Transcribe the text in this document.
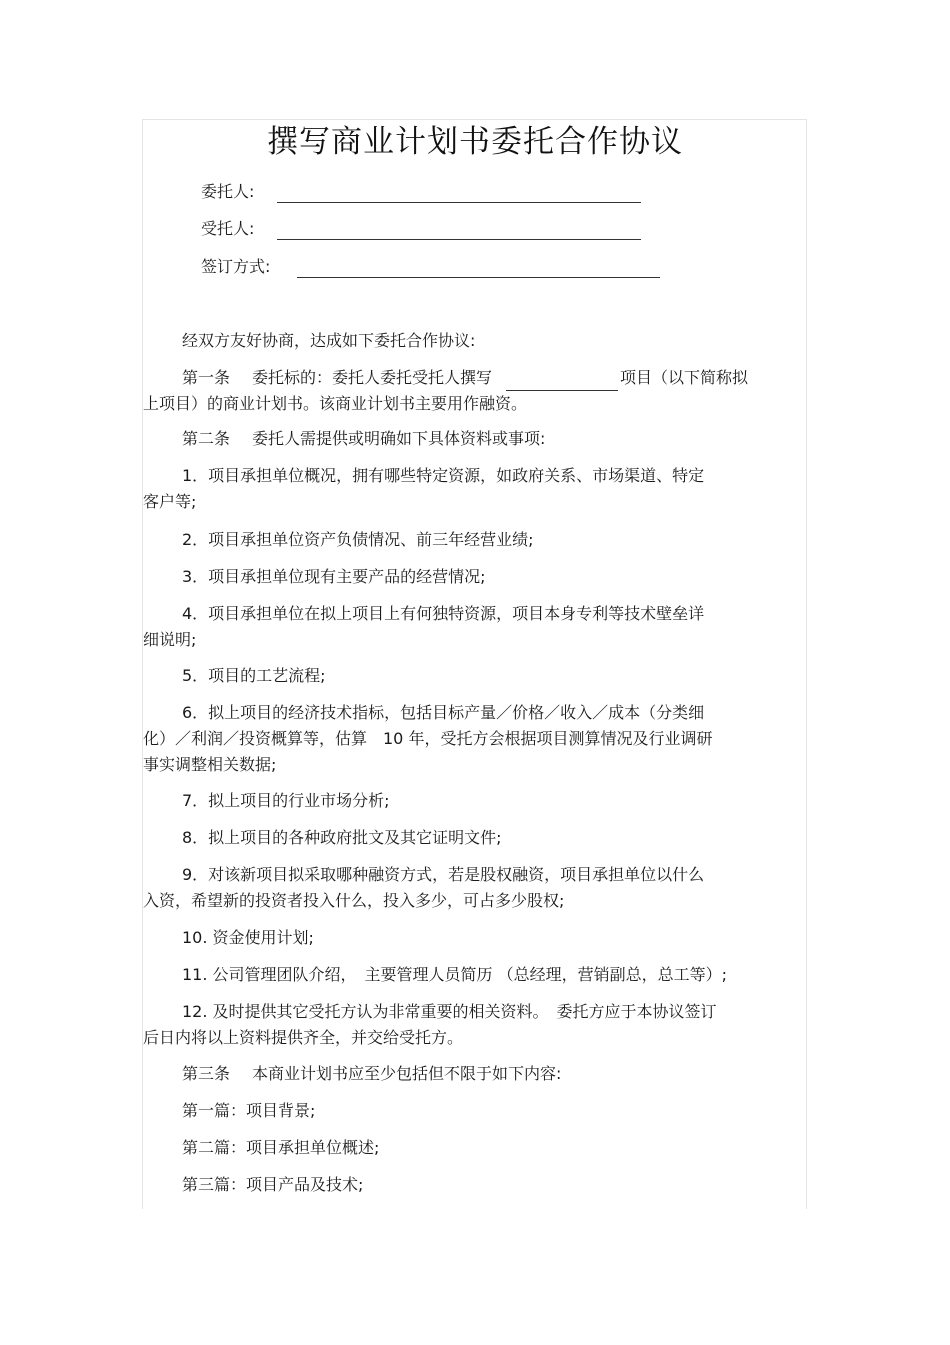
撰写商业计划书委托合作协议
委托人:
受托人:
签订方式:
经双方友好协商，达成如下委托合作协议:
第一条 委托标的：委托人委托受托人撰写	项目（以下简称拟
上项目）的商业计划书。该商业计划书主要用作融资。
第二条 委托人需提供或明确如下具体资料或事项:
1．项目承担单位概况，拥有哪些特定资源，如政府关系、市场渠道、特定
客户等;
2．项目承担单位资产负债情况、前三年经营业绩;
3．项目承担单位现有主要产品的经营情况;
4．项目承担单位在拟上项目上有何独特资源，项目本身专利等技术壁垒详
细说明;
5．项目的工艺流程;
6．拟上项目的经济技术指标，包括目标产量／价格／收入／成本（分类细
化）／利润／投资概算等，估算　10 年，受托方会根据项目测算情况及行业调研
事实调整相关数据;
7．拟上项目的行业市场分析;
8．拟上项目的各种政府批文及其它证明文件;
9．对该新项目拟采取哪种融资方式，若是股权融资，项目承担单位以什么
入资，希望新的投资者投入什么，投入多少，可占多少股权;
10. 资金使用计划;
11. 公司管理团队介绍，　主要管理人员简历 （总经理，营销副总，总工等）;
12. 及时提供其它受托方认为非常重要的相关资料。　委托方应于本协议签订
后日内将以上资料提供齐全，并交给受托方。
第三条 本商业计划书应至少包括但不限于如下内容:
第一篇：项目背景;
第二篇：项目承担单位概述;
第三篇：项目产品及技术;
